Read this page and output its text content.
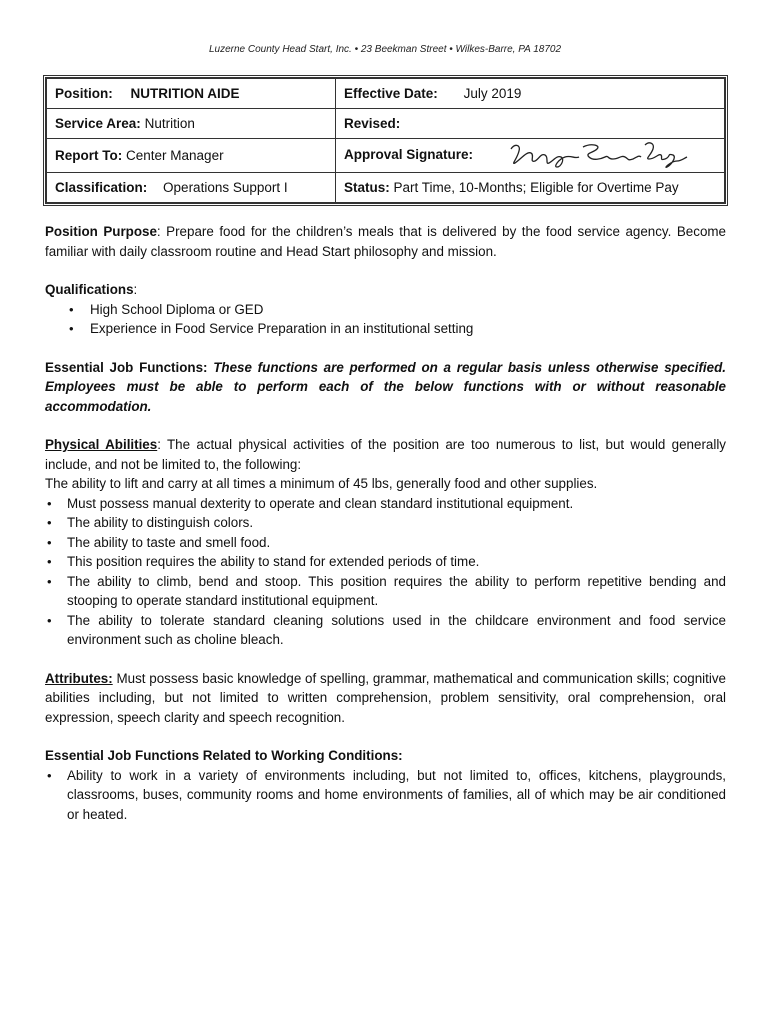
Luzerne County Head Start, Inc. • 23 Beekman Street • Wilkes-Barre, PA 18702
Position: NUTRITION AIDE	Effective Date: July 2019
Service Area: Nutrition	Revised:
Report To: Center Manager	Approval Signature:
Classification: Operations Support I	Status: Part Time, 10-Months; Eligible for Overtime Pay

Position Purpose: Prepare food for the children’s meals that is delivered by the food service agency. Become familiar with daily classroom routine and Head Start philosophy and mission.

Qualifications:

• High School Diploma or GED
• Experience in Food Service Preparation in an institutional setting

Essential Job Functions: These functions are performed on a regular basis unless otherwise specified. Employees must be able to perform each of the below functions with or without reasonable accommodation.

Physical Abilities: The actual physical activities of the position are too numerous to list, but would generally include, and not be limited to, the following:

The ability to lift and carry at all times a minimum of 45 lbs, generally food and other supplies.

• Must possess manual dexterity to operate and clean standard institutional equipment.
• The ability to distinguish colors.
• The ability to taste and smell food.
• This position requires the ability to stand for extended periods of time.
• The ability to climb, bend and stoop. This position requires the ability to perform repetitive bending and stooping to operate standard institutional equipment.
• The ability to tolerate standard cleaning solutions used in the childcare environment and food service environment such as choline bleach.

Attributes: Must possess basic knowledge of spelling, grammar, mathematical and communication skills; cognitive abilities including, but not limited to written comprehension, problem sensitivity, oral comprehension, oral expression, speech clarity and speech recognition.

Essential Job Functions Related to Working Conditions:

• Ability to work in a variety of environments including, but not limited to, offices, kitchens, playgrounds, classrooms, buses, community rooms and home environments of families, all of which may be air conditioned or heated.
